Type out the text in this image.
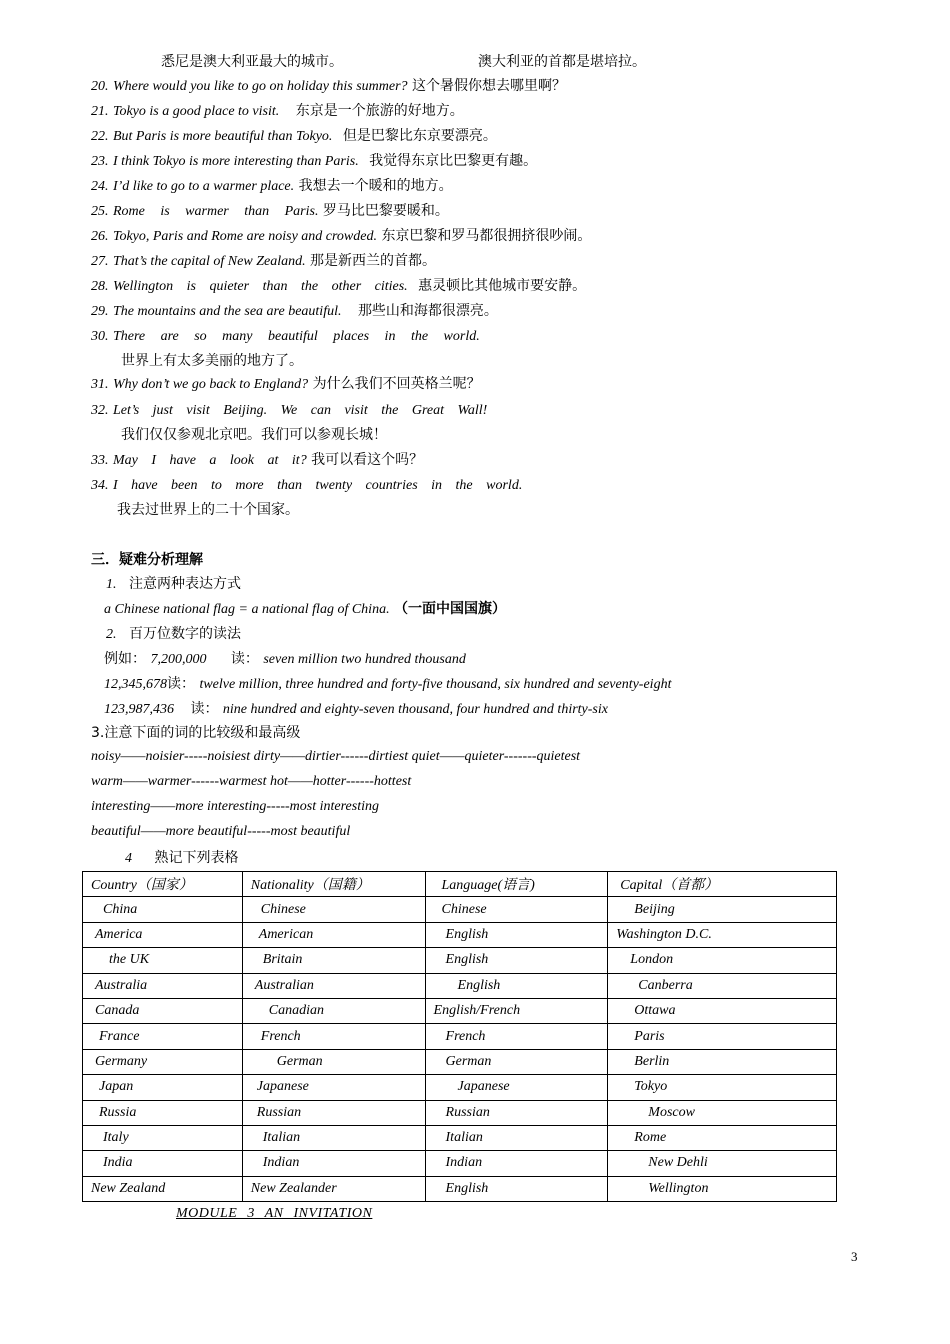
悉尼是澳大利亚最大的城市。	澳大利亚的首都是堪培拉。
20. Where would you like to go on holiday this summer? 这个暑假你想去哪里啊？
21. Tokyo is a good place to visit. 东京是一个旅游的好地方。
22. But Paris is more beautiful than Tokyo. 但是巴黎比东京要漂亮。
23. I think Tokyo is more interesting than Paris. 我觉得东京比巴黎更有趣。
24. I’d like to go to a warmer place. 我想去一个暖和的地方。
25. Rome is warmer than Paris. 罗马比巴黎要暖和。
26. Tokyo, Paris and Rome are noisy and crowded. 东京巴黎和罗马都很拥挤很吵闹。
27. That’s the capital of New Zealand. 那是新西兰的首都。
28. Wellington is quieter than the other cities. 惠灵顿比其他城市要安静。
29. The mountains and the sea are beautiful. 那些山和海都很漂亮。
30. There are so many beautiful places in the world.
世界上有太多美丽的地方了。
31. Why don’t we go back to England? 为什么我们不回英格兰呢？
32. Let’s just visit Beijing. We can visit the Great Wall!
我们仅仅参观北京吧。我们可以参观长城！
33. May I have a look at it? 我可以看这个吗？
34. I have been to more than twenty countries in the world.
我去过世界上的二十个国家。
三．疑难分析理解
1. 注意两种表达方式
a Chinese national flag = a national flag of China. （一面中国国旗）
2. 百万位数字的读法
例如： 7,200,000 读： seven million two hundred thousand
12,345,678读： twelve million, three hundred and forty-five thousand, six hundred and seventy-eight
123,987,436 读： nine hundred and eighty-seven thousand, four hundred and thirty-six
3.注意下面的词的比较级和最高级
noisy——noisier-----noisiest dirty——dirtier------dirtiest quiet——quieter-------quietest
warm——warmer------warmest hot——hotter------hottest
interesting——more interesting-----most interesting
beautiful——more beautiful-----most beautiful
4 熟记下列表格
Country（国家）	Nationality（国籍）	Language(语言)	Capital（首都）
China	Chinese	Chinese	Beijing
America	American	English	Washington D.C.
the UK	Britain	English	London
Australia	Australian	English	Canberra
Canada	Canadian	English/French	Ottawa
France	French	French	Paris
Germany	German	German	Berlin
Japan	Japanese	Japanese	Tokyo
Russia	Russian	Russian	Moscow
Italy	Italian	Italian	Rome
India	Indian	Indian	New Dehli
New Zealand	New Zealander	English	Wellington
MODULE 3 AN INVITATION
3
